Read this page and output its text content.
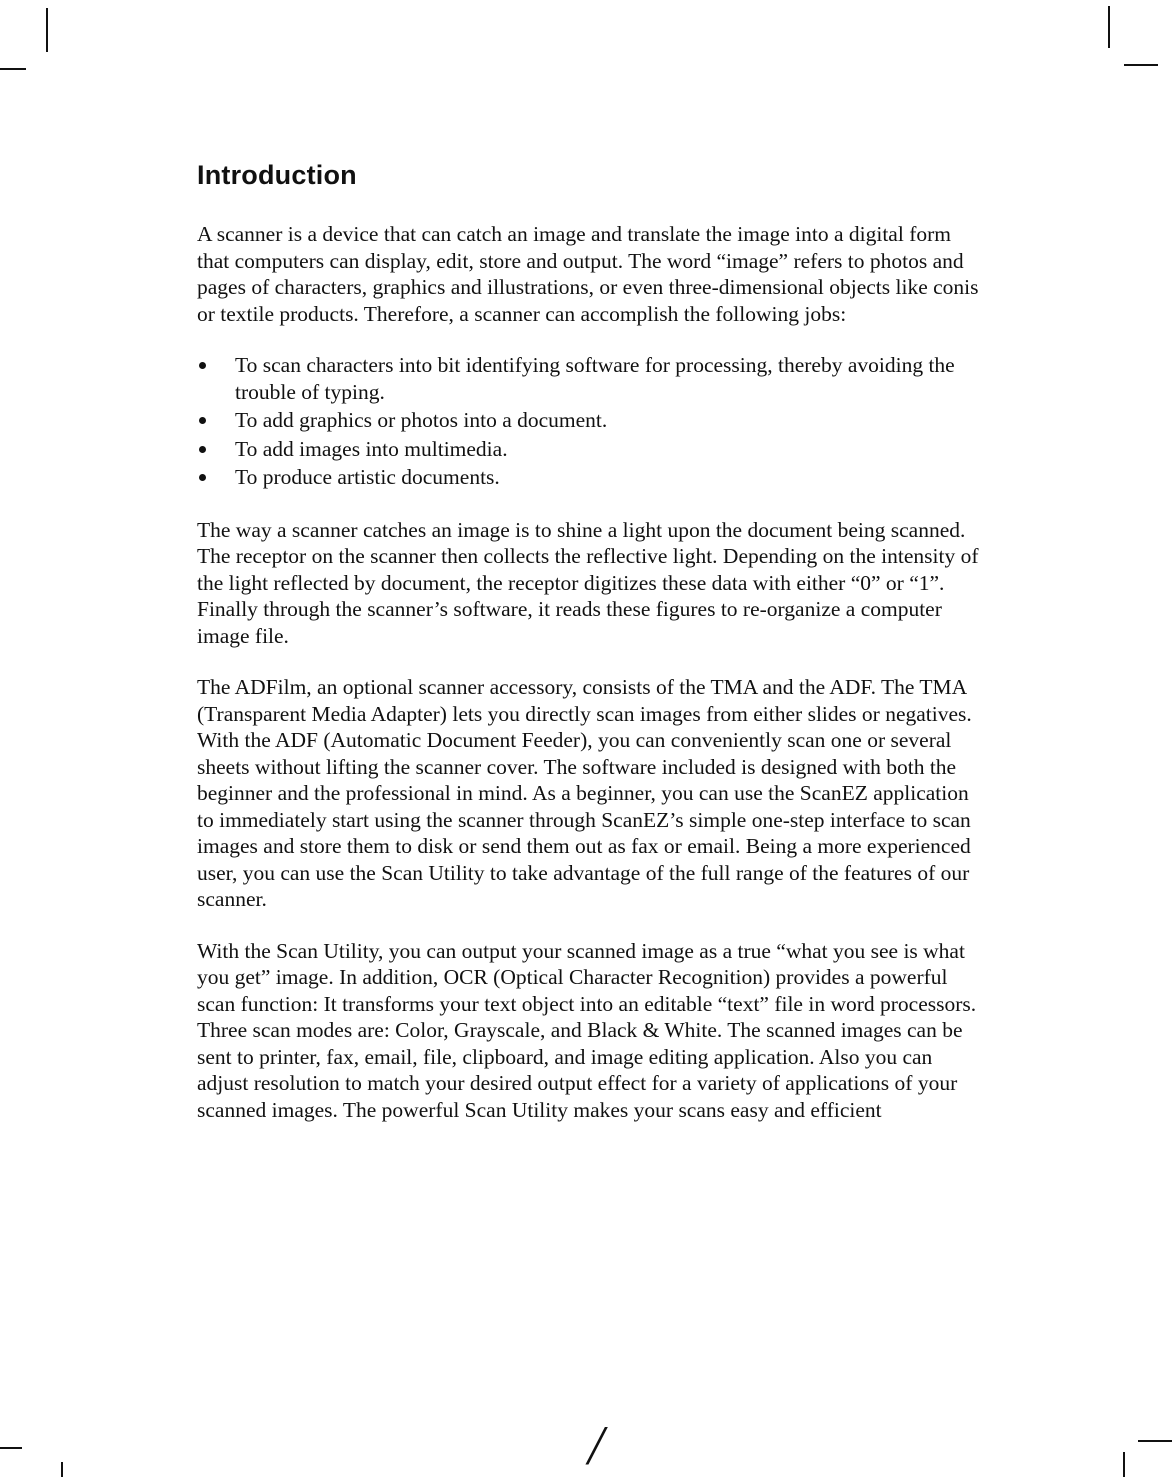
Introduction

A scanner is a device that can catch an image and translate the image into a digital form that computers can display, edit, store and output. The word “image” refers to photos and pages of characters, graphics and illustrations, or even three-dimensional objects like conis or textile products. Therefore, a scanner can accomplish the following jobs:

To scan characters into bit identifying software for processing, thereby avoiding the trouble of typing.
To add graphics or photos into a document.
To add images into multimedia.
To produce artistic documents.

The way a scanner catches an image is to shine a light upon the document being scanned. The receptor on the scanner then collects the reflective light. Depending on the intensity of the light reflected by document, the receptor digitizes these data with either “0” or “1”. Finally through the scanner’s software, it reads these figures to re-organize a computer image file.

The ADFilm, an optional scanner accessory, consists of the TMA and the ADF. The TMA (Transparent Media Adapter) lets you directly scan images from either slides or negatives. With the ADF (Automatic Document Feeder), you can conveniently scan one or several sheets without lifting the scanner cover. The software included is designed with both the beginner and the professional in mind. As a beginner, you can use the ScanEZ application to immediately start using the scanner through ScanEZ’s simple one-step interface to scan images and store them to disk or send them out as fax or email. Being a more experienced user, you can use the Scan Utility to take advantage of the full range of the features of our scanner.

With the Scan Utility, you can output your scanned image as a true “what you see is what you get” image. In addition, OCR (Optical Character Recognition) provides a powerful scan function: It transforms your text object into an editable “text” file in word processors. Three scan modes are: Color, Grayscale, and Black & White. The scanned images can be sent to printer, fax, email, file, clipboard, and image editing application. Also you can adjust resolution to match your desired output effect for a variety of applications of your scanned images. The powerful Scan Utility makes your scans easy and efficient

/
